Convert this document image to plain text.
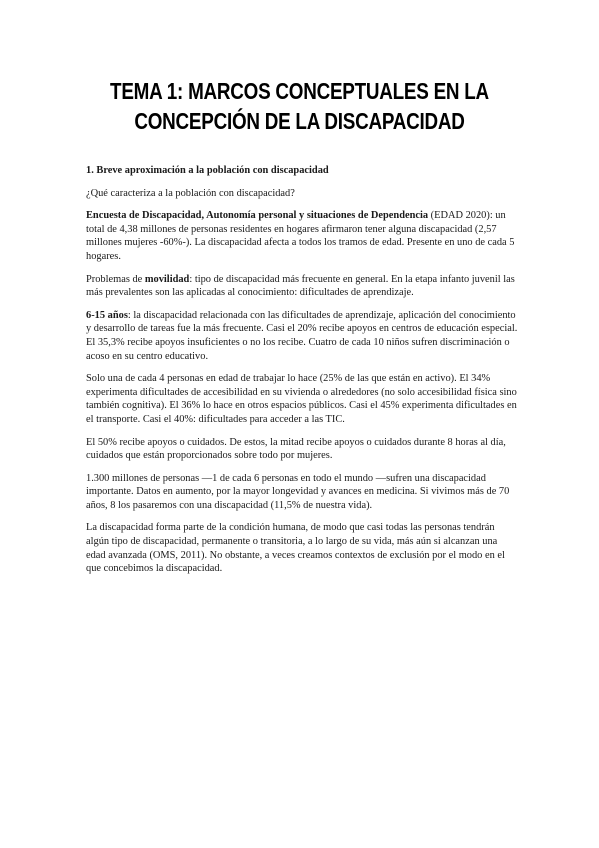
TEMA 1: MARCOS CONCEPTUALES EN LA
CONCEPCIÓN DE LA DISCAPACIDAD
1. Breve aproximación a la población con discapacidad

¿Qué caracteriza a la población con discapacidad?

Encuesta de Discapacidad, Autonomía personal y situaciones de Dependencia (EDAD 2020): un total de 4,38 millones de personas residentes en hogares afirmaron tener alguna discapacidad (2,57 millones mujeres -60%-). La discapacidad afecta a todos los tramos de edad. Presente en uno de cada 5 hogares.

Problemas de movilidad: tipo de discapacidad más frecuente en general. En la etapa infanto juvenil las más prevalentes son las aplicadas al conocimiento: dificultades de aprendizaje.

6-15 años: la discapacidad relacionada con las dificultades de aprendizaje, aplicación del conocimiento y desarrollo de tareas fue la más frecuente. Casi el 20% recibe apoyos en centros de educación especial. El 35,3% recibe apoyos insuficientes o no los recibe. Cuatro de cada 10 niños sufren discriminación o acoso en su centro educativo.

Solo una de cada 4 personas en edad de trabajar lo hace (25% de las que están en activo). El 34% experimenta dificultades de accesibilidad en su vivienda o alrededores (no solo accesibilidad física sino también cognitiva). El 36% lo hace en otros espacios públicos. Casi el 45% experimenta dificultades en el transporte. Casi el 40%: dificultades para acceder a las TIC.

El 50% recibe apoyos o cuidados. De estos, la mitad recibe apoyos o cuidados durante 8 horas al día, cuidados que están proporcionados sobre todo por mujeres.

1.300 millones de personas —1 de cada 6 personas en todo el mundo —sufren una discapacidad importante. Datos en aumento, por la mayor longevidad y avances en medicina. Si vivimos más de 70 años, 8 los pasaremos con una discapacidad (11,5% de nuestra vida).

La discapacidad forma parte de la condición humana, de modo que casi todas las personas tendrán algún tipo de discapacidad, permanente o transitoria, a lo largo de su vida, más aún si alcanzan una edad avanzada (OMS, 2011). No obstante, a veces creamos contextos de exclusión por el modo en el que concebimos la discapacidad.
